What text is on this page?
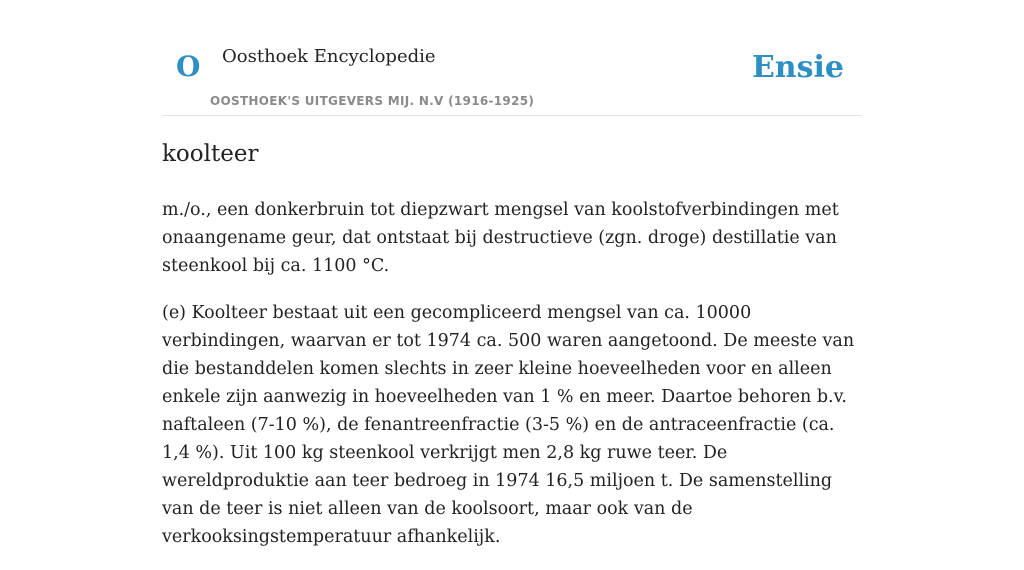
O Oosthoek Encyclopedie
OOSTHOEK'S UITGEVERS MIJ. N.V (1916-1925)
Ensie
koolteer

m./o., een donkerbruin tot diepzwart mengsel van koolstofverbindingen met onaangename geur, dat ontstaat bij destructieve (zgn. droge) destillatie van steenkool bij ca. 1100 °C.

(e) Koolteer bestaat uit een gecompliceerd mengsel van ca. 10000 verbindingen, waarvan er tot 1974 ca. 500 waren aangetoond. De meeste van die bestanddelen komen slechts in zeer kleine hoeveelheden voor en alleen enkele zijn aanwezig in hoeveelheden van 1 % en meer. Daartoe behoren b.v. naftaleen (7-10 %), de fenantreenfractie (3-5 %) en de antraceenfractie (ca. 1,4 %). Uit 100 kg steenkool verkrijgt men 2,8 kg ruwe teer. De wereldproduktie aan teer bedroeg in 1974 16,5 miljoen t. De samenstelling van de teer is niet alleen van de koolsoort, maar ook van de verkooksingstemperatuur afhankelijk.
